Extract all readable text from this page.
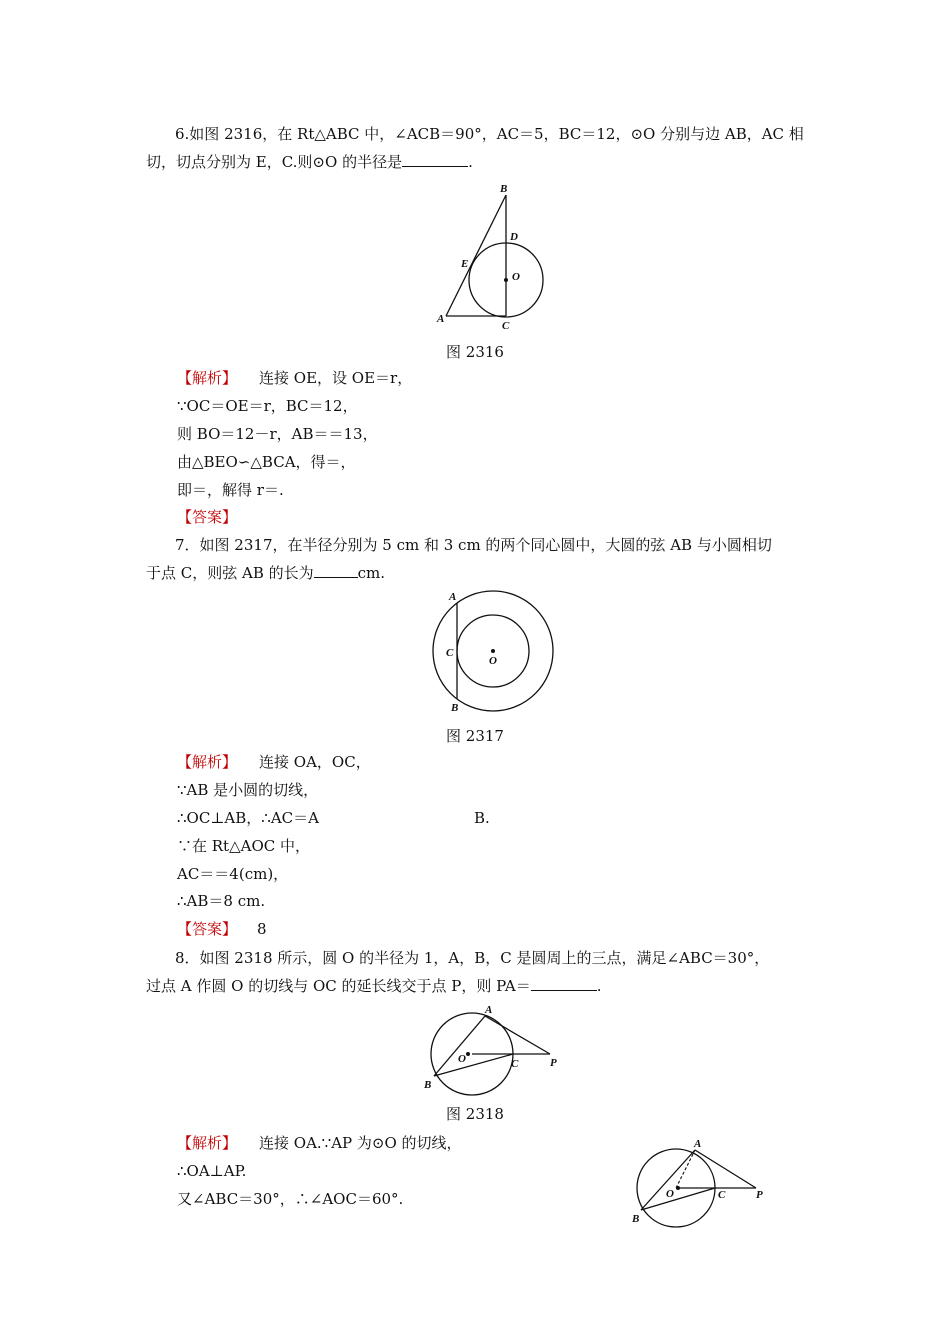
6.如图 2316，在 Rt△ABC 中，∠ACB＝90°，AC＝5，BC＝12，⊙O 分别与边 AB，AC 相
切，切点分别为 E，C.则⊙O 的半径是	.
B
D
E
O
A
C
图 2316
【解析】 连接 OE，设 OE＝r，
∵OC＝OE＝r，BC＝12，
则 BO＝12－r，AB＝＝13，
由△BEO∽△BCA，得＝，
即＝，解得 r＝.
【答案】
7．如图 2317，在半径分别为 5 cm 和 3 cm 的两个同心圆中，大圆的弦 AB 与小圆相切
于点 C，则弦 AB 的长为	cm.
A
C
O
B
图 2317
【解析】 连接 OA，OC，
∵AB 是小圆的切线，
∴OC⊥AB，∴AC＝A	B.
∵在 Rt△AOC 中，
AC＝＝4(cm)，
∴AB＝8 cm.
【答案】 8
8．如图 2318 所示，圆 O 的半径为 1，A，B，C 是圆周上的三点，满足∠ABC＝30°，
过点 A 作圆 O 的切线与 OC 的延长线交于点 P，则 PA＝	.
A
O	C	P
B
图 2318
【解析】 连接 OA.∵AP 为⊙O 的切线，
∴OA⊥AP.
又∠ABC＝30°，∴∠AOC＝60°.
A
O	C	P
B
